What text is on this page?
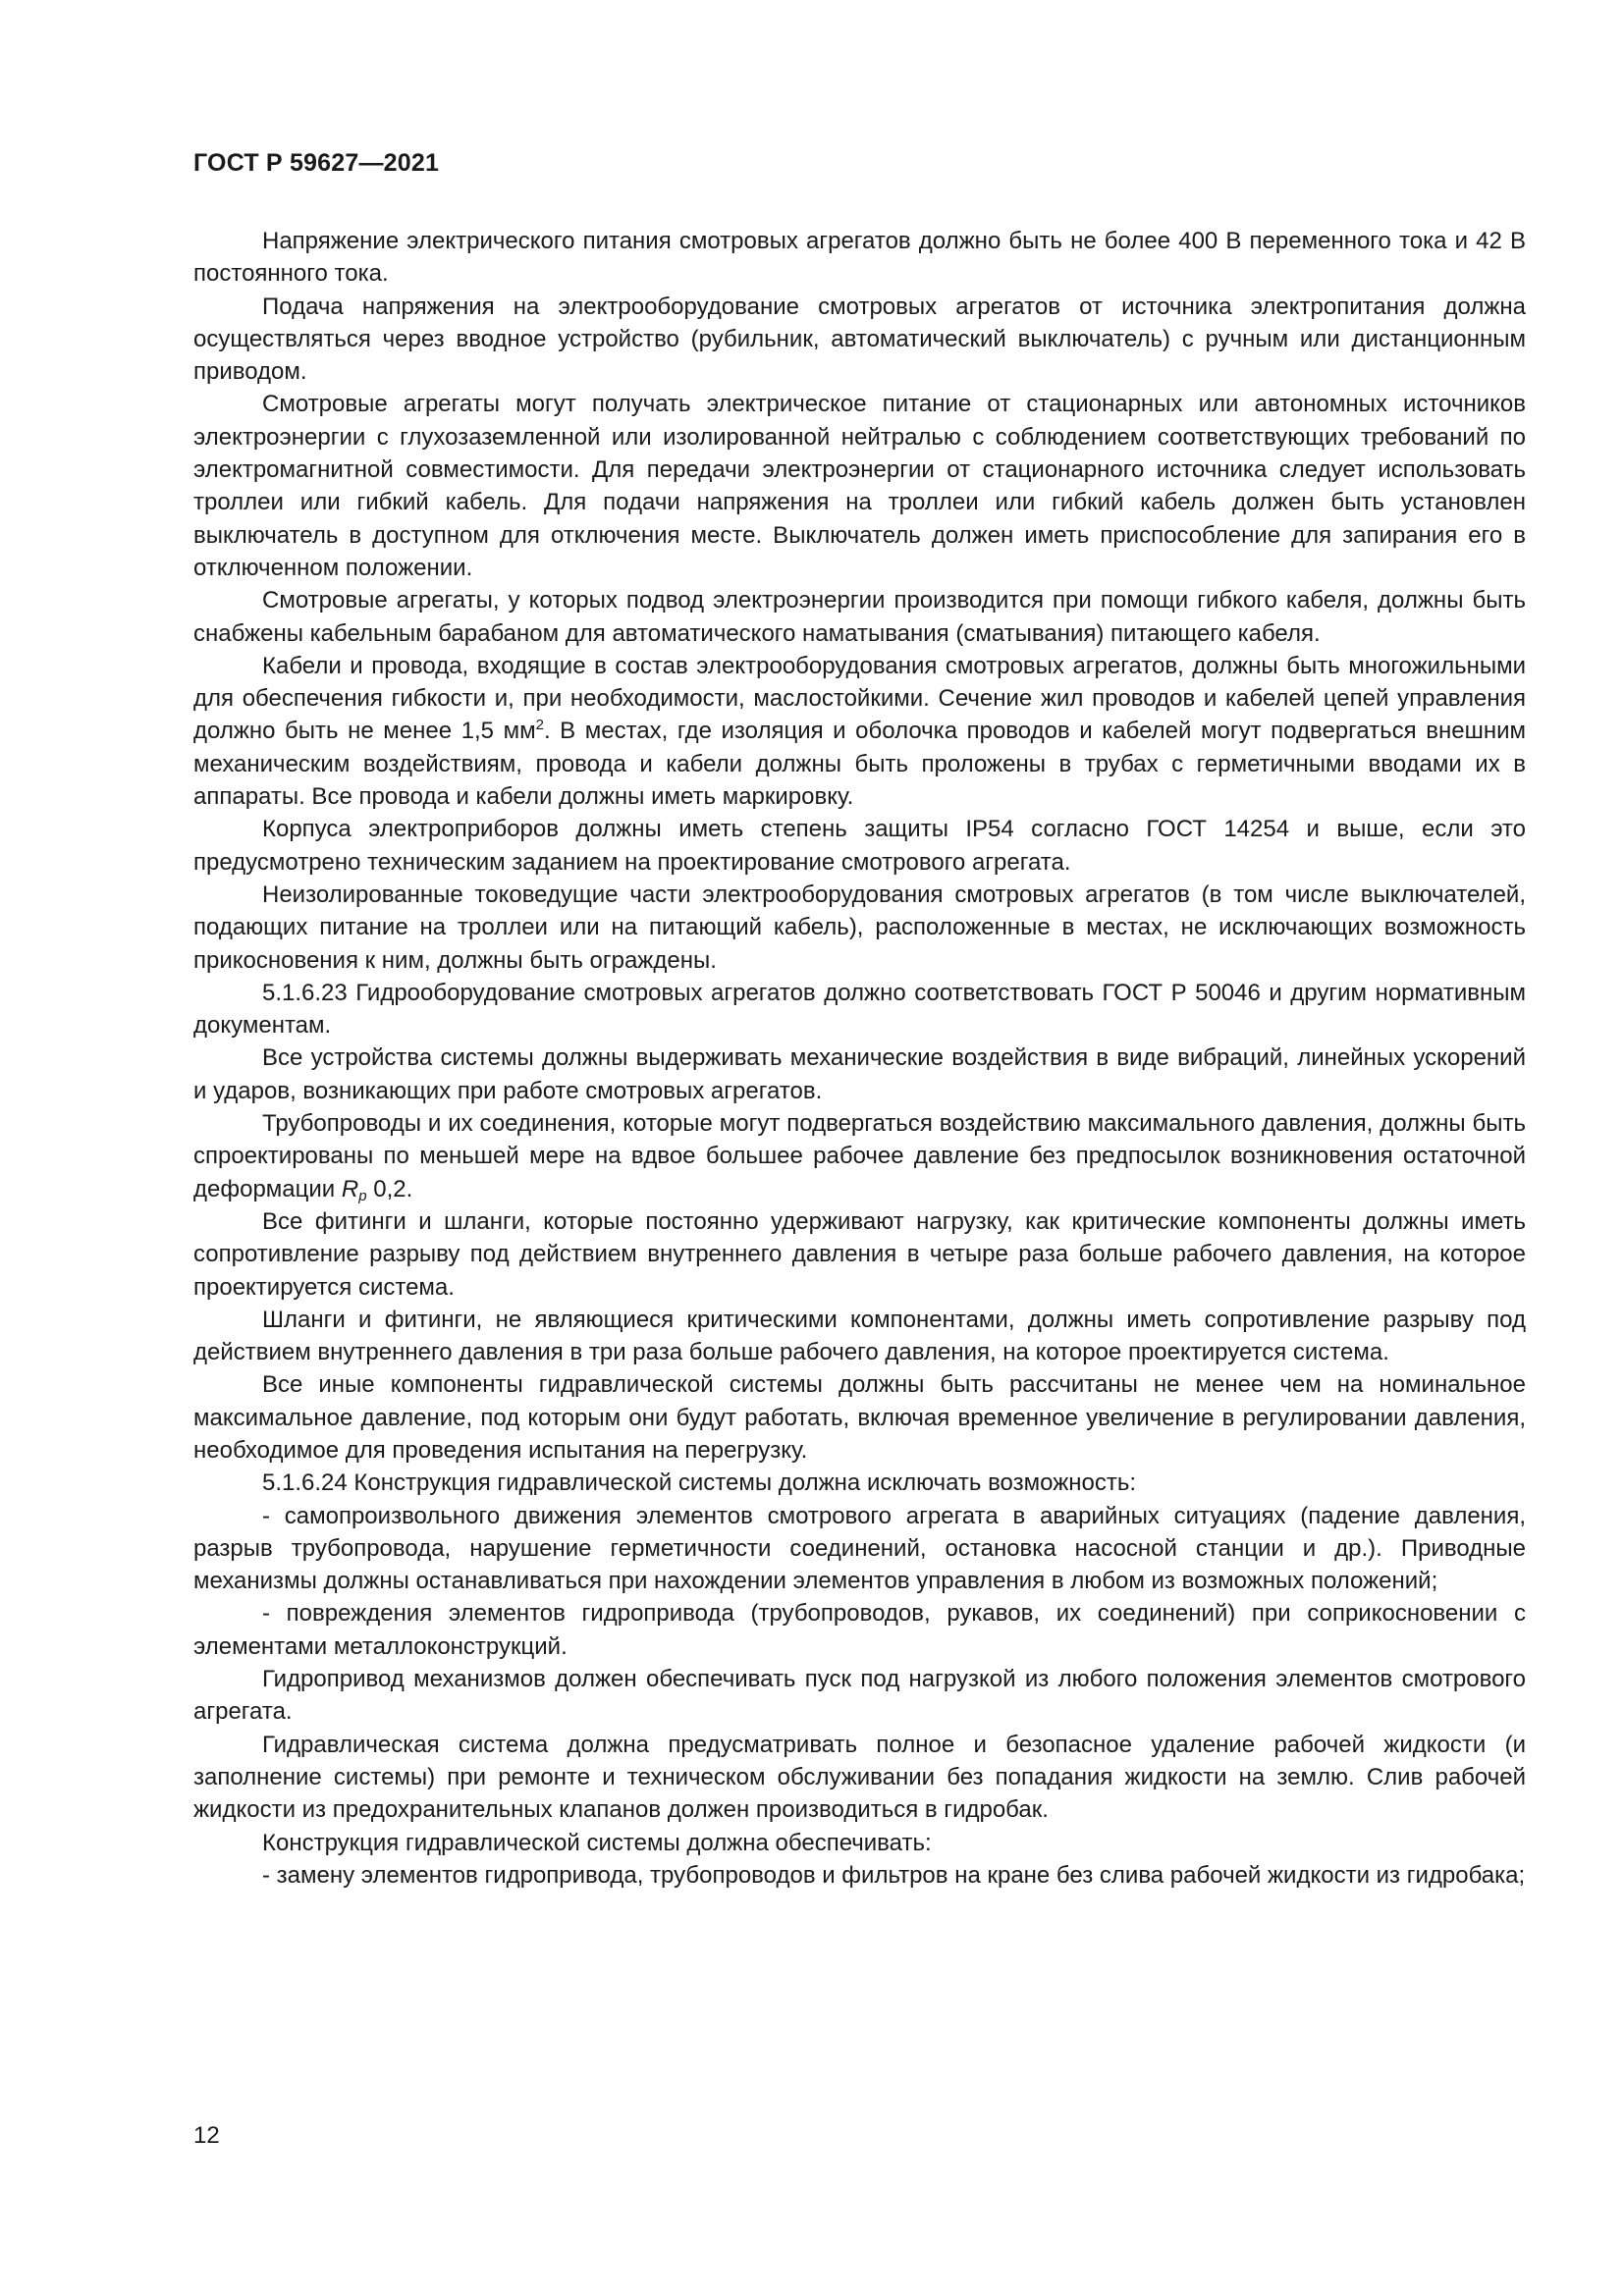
ГОСТ Р 59627—2021

Напряжение электрического питания смотровых агрегатов должно быть не более 400 В переменного тока и 42 В постоянного тока.

Подача напряжения на электрооборудование смотровых агрегатов от источника электропитания должна осуществляться через вводное устройство (рубильник, автоматический выключатель) с ручным или дистанционным приводом.

Смотровые агрегаты могут получать электрическое питание от стационарных или автономных источников электроэнергии с глухозаземленной или изолированной нейтралью с соблюдением соответствующих требований по электромагнитной совместимости. Для передачи электроэнергии от стационарного источника следует использовать троллеи или гибкий кабель. Для подачи напряжения на троллеи или гибкий кабель должен быть установлен выключатель в доступном для отключения месте. Выключатель должен иметь приспособление для запирания его в отключенном положении.

Смотровые агрегаты, у которых подвод электроэнергии производится при помощи гибкого кабеля, должны быть снабжены кабельным барабаном для автоматического наматывания (сматывания) питающего кабеля.

Кабели и провода, входящие в состав электрооборудования смотровых агрегатов, должны быть многожильными для обеспечения гибкости и, при необходимости, маслостойкими. Сечение жил проводов и кабелей цепей управления должно быть не менее 1,5 $мм^2$. В местах, где изоляция и оболочка проводов и кабелей могут подвергаться внешним механическим воздействиям, провода и кабели должны быть проложены в трубах с герметичными вводами их в аппараты. Все провода и кабели должны иметь маркировку.

Корпуса электроприборов должны иметь степень защиты IP54 согласно ГОСТ 14254 и выше, если это предусмотрено техническим заданием на проектирование смотрового агрегата.

Неизолированные токоведущие части электрооборудования смотровых агрегатов (в том числе выключателей, подающих питание на троллеи или на питающий кабель), расположенные в местах, не исключающих возможность прикосновения к ним, должны быть ограждены.

5.1.6.23 Гидрооборудование смотровых агрегатов должно соответствовать ГОСТ Р 50046 и другим нормативным документам.

Все устройства системы должны выдерживать механические воздействия в виде вибраций, линейных ускорений и ударов, возникающих при работе смотровых агрегатов.

Трубопроводы и их соединения, которые могут подвергаться воздействию максимального давления, должны быть спроектированы по меньшей мере на вдвое большее рабочее давление без предпосылок возникновения остаточной деформации $R_p$ 0,2.

Все фитинги и шланги, которые постоянно удерживают нагрузку, как критические компоненты должны иметь сопротивление разрыву под действием внутреннего давления в четыре раза больше рабочего давления, на которое проектируется система.

Шланги и фитинги, не являющиеся критическими компонентами, должны иметь сопротивление разрыву под действием внутреннего давления в три раза больше рабочего давления, на которое проектируется система.

Все иные компоненты гидравлической системы должны быть рассчитаны не менее чем на номинальное максимальное давление, под которым они будут работать, включая временное увеличение в регулировании давления, необходимое для проведения испытания на перегрузку.

5.1.6.24 Конструкция гидравлической системы должна исключать возможность:

- самопроизвольного движения элементов смотрового агрегата в аварийных ситуациях (падение давления, разрыв трубопровода, нарушение герметичности соединений, остановка насосной станции и др.). Приводные механизмы должны останавливаться при нахождении элементов управления в любом из возможных положений;

- повреждения элементов гидропривода (трубопроводов, рукавов, их соединений) при соприкосновении с элементами металлоконструкций.

Гидропривод механизмов должен обеспечивать пуск под нагрузкой из любого положения элементов смотрового агрегата.

Гидравлическая система должна предусматривать полное и безопасное удаление рабочей жидкости (и заполнение системы) при ремонте и техническом обслуживании без попадания жидкости на землю. Слив рабочей жидкости из предохранительных клапанов должен производиться в гидробак.

Конструкция гидравлической системы должна обеспечивать:

- замену элементов гидропривода, трубопроводов и фильтров на кране без слива рабочей жидкости из гидробака;

12
